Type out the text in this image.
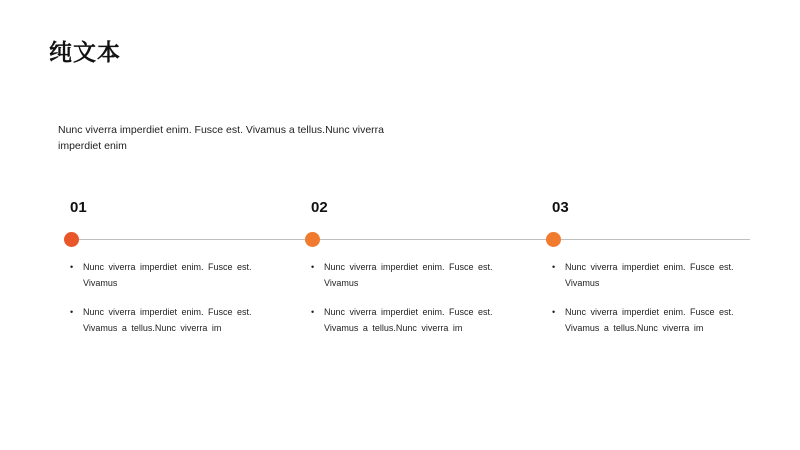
纯文本

Nunc viverra imperdiet enim. Fusce est. Vivamus a tellus.Nunc viverra imperdiet enim

01
• Nunc viverra imperdiet enim. Fusce est. Vivamus
• Nunc viverra imperdiet enim. Fusce est. Vivamus a tellus.Nunc viverra im
02
• Nunc viverra imperdiet enim. Fusce est. Vivamus
• Nunc viverra imperdiet enim. Fusce est. Vivamus a tellus.Nunc viverra im
03
• Nunc viverra imperdiet enim. Fusce est. Vivamus
• Nunc viverra imperdiet enim. Fusce est. Vivamus a tellus.Nunc viverra im
